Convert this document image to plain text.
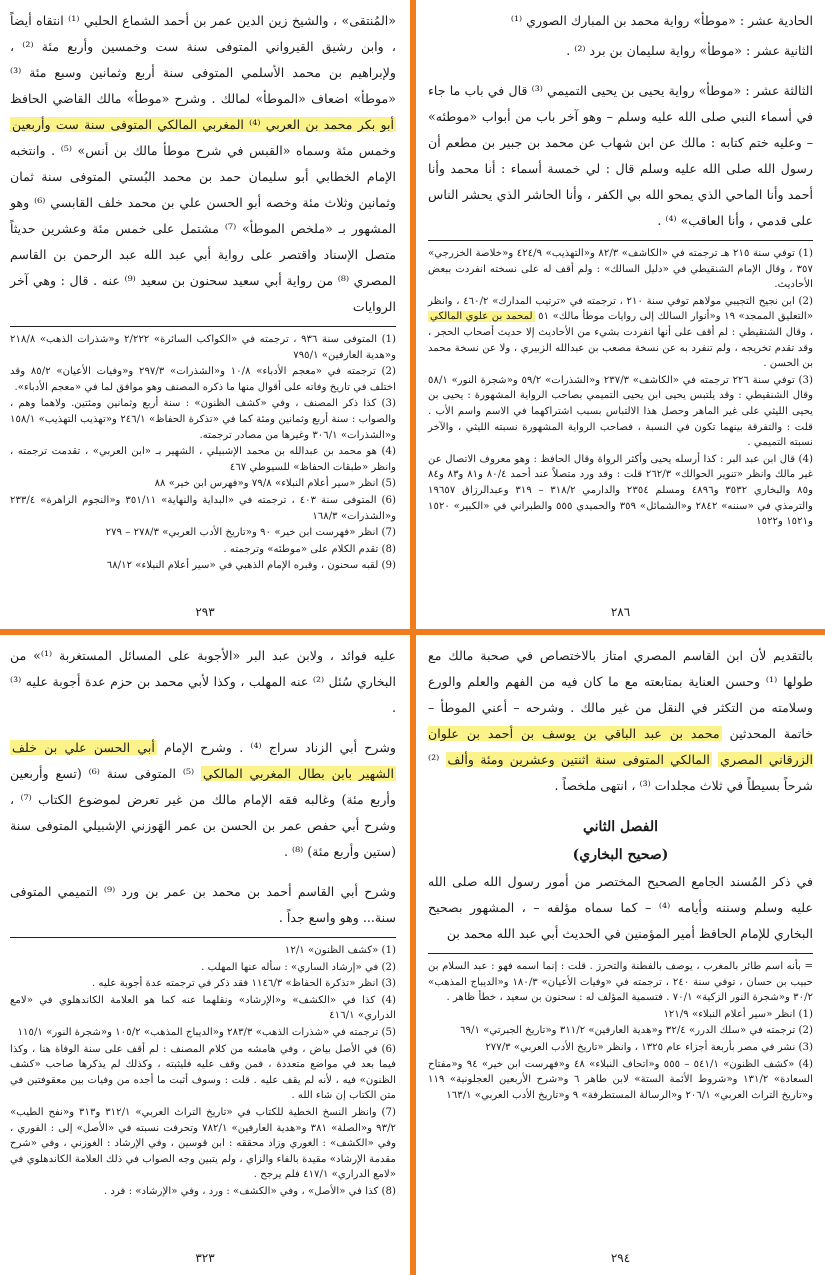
«المُنتقى» ، والشيخ زين الدين عمر بن أحمد الشماع الحلبي ⁽¹⁾ انتقاه أيضاً ، وابن رشيق القيرواني المتوفى سنة ست وخمسين وأربع مئة ⁽²⁾ ، ولإبراهيم بن محمد الأسلمي المتوفى سنة أربع وثمانين وسبع مئة ⁽³⁾ «موطأ» اضعاف «الموطأ» لمالك . وشرح «موطأ» مالك القاضي الحافظ أبو بكر محمد بن العربي ⁽⁴⁾ المغربي المالكي المتوفى سنة ست وأربعين وخمس مئة وسماه «القبس في شرح موطأ مالك بن أنس» ⁽⁵⁾ . وانتخبه الإمام الخطابي أبو سليمان حمد بن محمد البُستي المتوفى سنة ثمان وثمانين وثلاث مئة وخصه أبو الحسن علي بن محمد خلف القابسي ⁽⁶⁾ وهو المشهور بـ «ملخص الموطأ» ⁽⁷⁾ مشتمل على خمس مئة وعشرين حديثاً متصل الإسناد واقتصر على رواية أبي عبد الله عبد الرحمن بن القاسم المصري ⁽⁸⁾ من رواية أبي سعيد سحنون بن سعيد ⁽⁹⁾ عنه . قال : وهي آخر الروايات

(1) المتوفى سنة ٩٣٦ ، ترجمته في «الكواكب السائرة» ٢/٢٢٢ و«شذرات الذهب» ٢١٨/٨ و«هدية العارفين» ٧٩٥/١
(2) ترجمته في «معجم الأدباء» ١٠/٨ و«الشذرات» ٢٩٧/٣ و«وفيات الأعيان» ٨٥/٢ وقد اختلف في تاريخ وفاته على أقوال منها ما ذكره المصنف وهو موافق لما في «معجم الأدباء».
(3) كذا ذكر المصنف ، وفي «كشف الظنون» : سنة أربع وثمانين ومئتين. ولاهما وهم ، والصواب : سنة أربع وثمانين ومئة كما في «تذكرة الحفاظ» ٢٤٦/١ و«تهذيب التهذيب» ١٥٨/١ و«الشذرات» ٣٠٦/١ وغيرها من مصادر ترجمته.
(4) هو محمد بن عبدالله بن محمد الإشبيلي ، الشهير بـ «ابن العربي» ، تقدمت ترجمته ، وانظر «طبقات الحفاظ» للسيوطي ٤٦٧
(5) انظر «سير أعلام النبلاء» ٧٩/٨ و«فهرس ابن خير» ٨٨
(6) المتوفى سنة ٤٠٣ ، ترجمته في «البداية والنهاية» ٣٥١/١١ و«النجوم الزاهرة» ٢٣٣/٤ و«الشذرات» ١٦٨/٣
(7) انظر «فهرست ابن خير» ٩٠ و«تاريخ الأدب العربي» ٢٧٨/٣ – ٢٧٩
(8) تقدم الكلام على «موطئه» وترجمته .
(9) لقبه سحنون ، وقبره الإمام الذهبي في «سير أعلام النبلاء» ٦٨/١٢
٢٩٣

الحادية عشر : «موطأ» رواية محمد بن المبارك الصوري ⁽¹⁾

الثانية عشر : «موطأ» رواية سليمان بن برد ⁽²⁾ .

الثالثة عشر : «موطأ» رواية يحيى بن يحيى التميمي ⁽³⁾ قال في باب ما جاء في أسماء النبي صلى الله عليه وسلم – وهو آخر باب من أبواب «موطئه» – وعليه ختم كتابه : مالك عن ابن شهاب عن محمد بن جبير بن مطعم أن رسول الله صلى الله عليه وسلم قال : لي خمسة أسماء : أنا محمد وأنا أحمد وأنا الماحي الذي يمحو الله بي الكفر ، وأنا الحاشر الذي يحشر الناس على قدمي ، وأنا العاقب» ⁽⁴⁾ .

(1) توفي سنة ٢١٥ هـ ترجمته في «الكاشف» ٨٢/٣ و«التهذيب» ٤٢٤/٩ و«خلاصة الخزرجي» ٣٥٧ ، وقال الإمام الشنقيطي في «دليل السالك» : ولم أقف له على نسخته انفردت ببعض الأحاديث.
(2) ابن نجيح التجيبي مولاهم توفي سنة ٢١٠ ، ترجمته في «ترتيب المدارك» ٤٦٠/٢ ، وانظر «التعليق الممجد» ١٩ و«أنوار السالك إلى روايات موطأ مالك» ٥١ لمحمد بن علوي المالكي ، وقال الشنقيطي : لم أقف على أنها انفردت بشيء من الأحاديث إلا حديث أصحاب الحجر ، وقد تقدم تخريجه ، ولم تنفرد به عن نسخة مصعب بن عبدالله الزبيري ، ولا عن نسخة محمد بن الحسن .
(3) توفي سنة ٢٢٦ ترجمته في «الكاشف» ٢٣٧/٣ و«الشذرات» ٥٩/٢ و«شجرة النور» ٥٨/١ وقال الشنقيطي : وقد يلتبس يحيى ابن يحيى التميمي بصاحب الرواية المشهورة : يحيى بن يحيى الليثي على غير الماهر وحصل هذا الالتباس بسبب اشتراكهما في الاسم واسم الأب . قلت : والتفرقة بينهما تكون في النسبة ، فصاحب الرواية المشهورة نسبته الليثي ، والآخر نسبته التميمي .
(4) قال ابن عبد البر : كذا أرسله يحيى وأكثر الرواة وقال الحافظ : وهو معروف الاتصال عن غير مالك وانظر «تنوير الحوالك» ٢٦٢/٣ قلت : وقد ورد متصلاً عند أحمد ٨٠/٤ و٨١ و٨٣ و٨٤ و٨٥ والبخاري ٣٥٣٢ و٤٨٩٦ ومسلم ٢٣٥٤ والدارمي ٣١٨/٢ – ٣١٩ وعبدالرزاق ١٩٦٥٧ والترمذي في «سننه» ٢٨٤٢ و«الشمائل» ٣٥٩ والحميدي ٥٥٥ والطبراني في «الكبير» ١٥٢٠ و١٥٢١ و١٥٢٢
٢٨٦

عليه فوائد ، ولابن عبد البر «الأجوبة على المسائل المستغربة ⁽¹⁾» من البخاري سُئل ⁽²⁾ عنه المهلب ، وكذا لأبي محمد بن حزم عدة أجوبة عليه ⁽³⁾ .

وشرح أبي الزناد سراج ⁽⁴⁾ . وشرح الإمام أبي الحسن علي بن خلف الشهير بابن بطال المغربي المالكي ⁽⁵⁾ المتوفى سنة ⁽⁶⁾ (تسع وأربعين وأربع مئة) وغالبه فقه الإمام مالك من غير تعرض لموضوع الكتاب ⁽⁷⁾ ، وشرح أبي حفص عمر بن الحسن بن عمر الهَوزني الإشبيلي المتوفى سنة (ستين وأربع مئة) ⁽⁸⁾ .

وشرح أبي القاسم أحمد بن محمد بن عمر بن ورد ⁽⁹⁾ التميمي المتوفى سنة... وهو واسع جداً .

(1) «كشف الظنون» ١٢/١
(2) في «إرشاد الساري» : سأله عنها المهلب .
(3) انظر «تذكرة الحفاظ» ١١٤٦/٣ فقد ذكر في ترجمته عدة أجوبة عليه .
(4) كذا في «الكشف» و«الإرشاد» ونقلهما عنه كما هو العلامة الكاندهلوي في «لامع الدراري» ٤١٦/١
(5) ترجمته في «شذرات الذهب» ٢٨٣/٣ و«الديباج المذهب» ١٠٥/٢ و«شجرة النور» ١١٥/١
(6) في الأصل بياض ، وفي هامشه من كلام المصنف : لم أقف على سنة الوفاة هنا ، وكذا فيما بعد في مواضع متعددة ، فمن وقف عليه فليثبته ، وكذلك لم يذكرها صاحب «كشف الظنون» فيه ، لأنه لم يقف عليه . قلت : وسوف أثبت ما أجده من وفيات بين معقوفتين في متن الكتاب إن شاء الله .
(7) وانظر النسخ الخطية للكتاب في «تاريخ التراث العربي» ٣١٢/١ و٣١٣ و«نفح الطيب» ٩٣/٢ و«الصلة» ٣٨١ و«هدية العارفين» ٧٨٢/١ وتحرفت نسبته في «الأصل» إلى : الفوري ، وفي «الكشف» : الغوري وزاد محققه : ابن قوسين ، وفي الإرشاد : الغوزني ، وفي «شرح مقدمة الإرشاد» مقيدة بالفاء والزاي ، ولم يتبين وجه الصواب في ذلك العلامة الكاندهلوي في «لامع الدراري» ٤١٧/١ فلم يرجح .
(8) كذا في «الأصل» ، وفي «الكشف» : ورد ، وفي «الإرشاد» : فرد .
٣٢٣

بالتقديم لأن ابن القاسم المصري امتاز بالاختصاص في صحبة مالك مع طولها ⁽¹⁾ وحسن العناية بمتابعته مع ما كان فيه من الفهم والعلم والورع وسلامته من التكثر في النقل من غير مالك . وشرحه – أعني الموطأ – خاتمة المحدثين محمد بن عبد الباقي بن يوسف بن أحمد بن علوان الزرقاني المصري المالكي المتوفى سنة اثنتين وعشرين ومئة وألف ⁽²⁾ شرحاً بسيطاً في ثلاث مجلدات ⁽³⁾ ، انتهى ملخصاً .

الفصل الثاني
(صحيح البخاري)

في ذكر المُسند الجامع الصحيح المختصر من أمور رسول الله صلى الله عليه وسلم وسننه وأيامه ⁽⁴⁾ – كما سماه مؤلفه – ، المشهور بصحيح البخاري للإمام الحافظ أمير المؤمنين في الحديث أبي عبد الله محمد بن

= بأنه اسم طائر بالمغرب ، يوصف بالفطنة والتحرز . قلت : إنما اسمه فهو : عبد السلام بن حبيب بن حسان ، توفي سنة ٢٤٠ ، ترجمته في «وفيات الأعيان» ١٨٠/٣ و«الديباج المذهب» ٣٠/٢ و«شجرة النور الزكية» ٧٠/١ . فتسمية المؤلف له : سحنون بن سعيد ، خطأ ظاهر .
(1) انظر «سير أعلام النبلاء» ١٢١/٩
(2) ترجمته في «سلك الدرر» ٣٢/٤ و«هدية العارفين» ٣١١/٢ و«تاريخ الجبرتي» ٦٩/١
(3) نشر في مصر بأربعة أجزاء عام ١٣٢٥ ، وانظر «تاريخ الأدب العربي» ٢٧٧/٣
(4) «كشف الظنون» ٥٤١/١ – ٥٥٥ و«اتحاف النبلاء» ٤٨ و«فهرست ابن خير» ٩٤ و«مفتاح السعادة» ١٣١/٢ و«شروط الأئمة الستة» لابن طاهر ٦ و«شرح الأربعين العجلونية» ١١٩ و«تاريخ التراث العربي» ٢٠٦/١ و«الرسالة المستطرفة» ٩ و«تاريخ الأدب العربي» ١٦٣/١
٢٩٤
